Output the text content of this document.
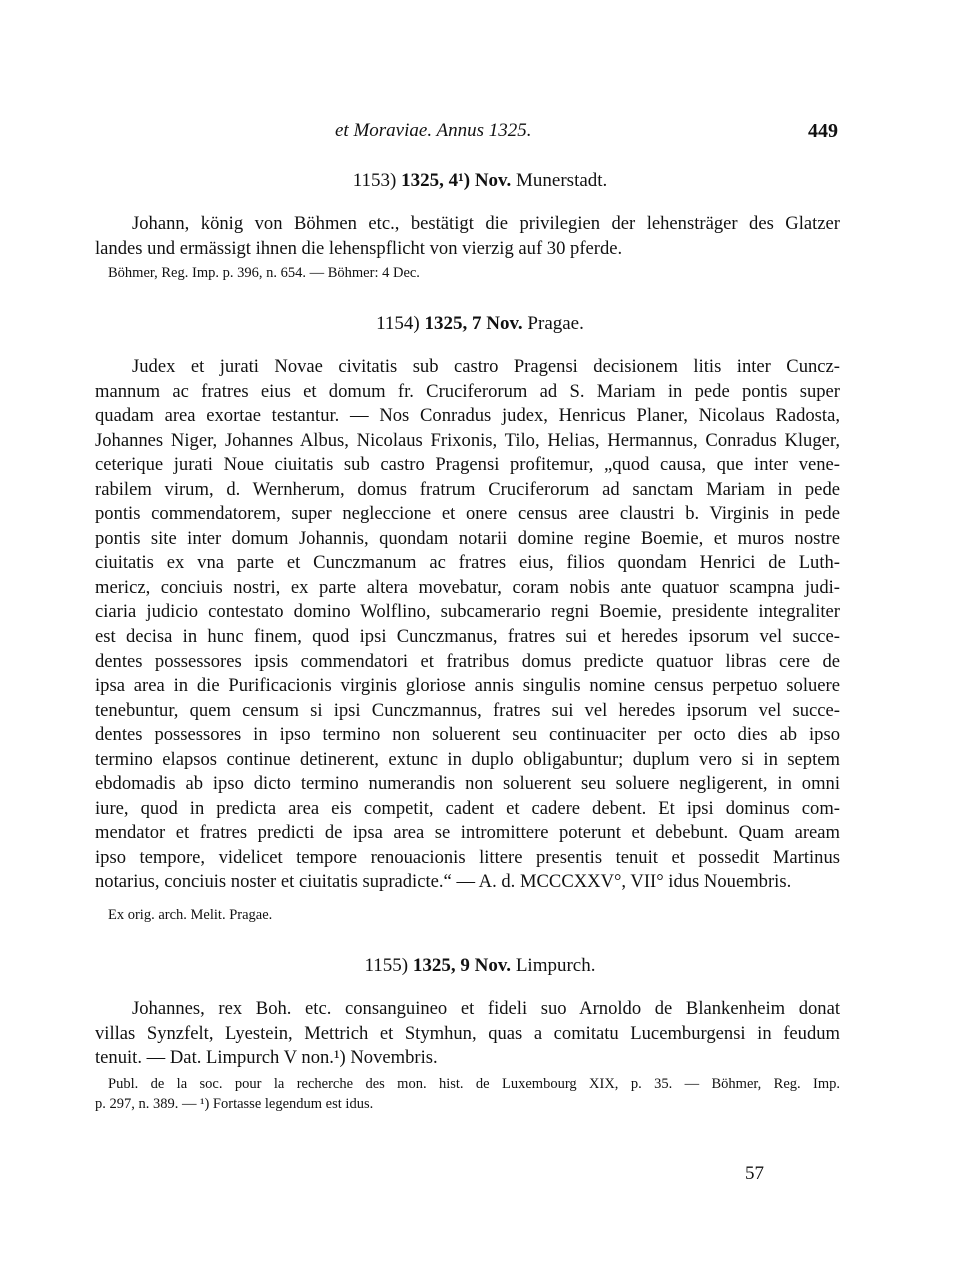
et Moraviae. Annus 1325.	449
1153) 1325, 4¹) Nov. Munerstadt.

Johann, könig von Böhmen etc., bestätigt die privilegien der lehensträger des Glatzer
landes und ermässigt ihnen die lehenspflicht von vierzig auf 30 pferde.

Böhmer, Reg. Imp. p. 396, n. 654. — Böhmer: 4 Dec.

1154) 1325, 7 Nov. Pragae.

Judex et jurati Novae civitatis sub castro Pragensi decisionem litis inter Cuncz-
mannum ac fratres eius et domum fr. Cruciferorum ad S. Mariam in pede pontis super
quadam area exortae testantur. — Nos Conradus judex, Henricus Planer, Nicolaus Radosta,
Johannes Niger, Johannes Albus, Nicolaus Frixonis, Tilo, Helias, Hermannus, Conradus Kluger,
ceterique jurati Noue ciuitatis sub castro Pragensi profitemur, „quod causa, que inter vene-
rabilem virum, d. Wernherum, domus fratrum Cruciferorum ad sanctam Mariam in pede
pontis commendatorem, super negleccione et onere census aree claustri b. Virginis in pede
pontis site inter domum Johannis, quondam notarii domine regine Boemie, et muros nostre
ciuitatis ex vna parte et Cunczmanum ac fratres eius, filios quondam Henrici de Luth-
mericz, conciuis nostri, ex parte altera movebatur, coram nobis ante quatuor scampna judi-
ciaria judicio contestato domino Wolflino, subcamerario regni Boemie, presidente integraliter
est decisa in hunc finem, quod ipsi Cunczmanus, fratres sui et heredes ipsorum vel succe-
dentes possessores ipsis commendatori et fratribus domus predicte quatuor libras cere de
ipsa area in die Purificacionis virginis gloriose annis singulis nomine census perpetuo soluere
tenebuntur, quem censum si ipsi Cunczmannus, fratres sui vel heredes ipsorum vel succe-
dentes possessores in ipso termino non soluerent seu continuaciter per octo dies ab ipso
termino elapsos continue detinerent, extunc in duplo obligabuntur; duplum vero si in septem
ebdomadis ab ipso dicto termino numerandis non soluerent seu soluere negligerent, in omni
iure, quod in predicta area eis competit, cadent et cadere debent. Et ipsi dominus com-
mendator et fratres predicti de ipsa area se intromittere poterunt et debebunt. Quam aream
ipso tempore, videlicet tempore renouacionis littere presentis tenuit et possedit Martinus
notarius, conciuis noster et ciuitatis supradicte.“ — A. d. MCCCXXV°, VII° idus Nouembris.

Ex orig. arch. Melit. Pragae.

1155) 1325, 9 Nov. Limpurch.

Johannes, rex Boh. etc. consanguineo et fideli suo Arnoldo de Blankenheim donat
villas Synzfelt, Lyestein, Mettrich et Stymhun, quas a comitatu Lucemburgensi in feudum
tenuit. — Dat. Limpurch V non.¹) Novembris.

Publ. de la soc. pour la recherche des mon. hist. de Luxembourg XIX, p. 35. — Böhmer, Reg. Imp.
p. 297, n. 389. — ¹) Fortasse legendum est idus.

57
